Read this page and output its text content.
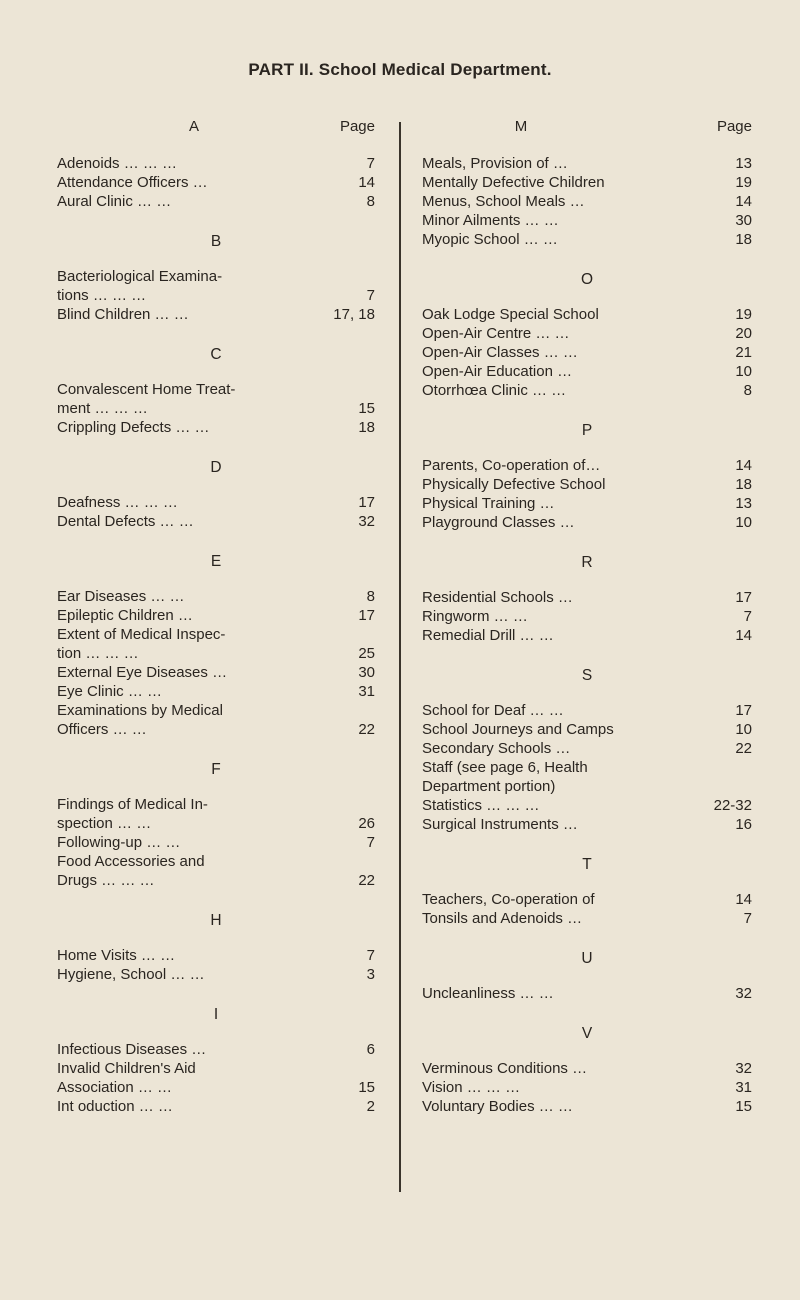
PART II. School Medical Department.
A	Page
Adenoids … … …	7
Attendance Officers …	14
Aural Clinic … …	8
B
Bacteriological Examina-
tions … … …	7
Blind Children … …	17, 18
C
Convalescent Home Treat-
ment … … …	15
Crippling Defects … …	18
D
Deafness … … …	17
Dental Defects … …	32
E
Ear Diseases … …	8
Epileptic Children …	17
Extent of Medical Inspec-
tion … … …	25
External Eye Diseases …	30
Eye Clinic … …	31
Examinations by Medical
Officers … …	22
F
Findings of Medical In-
spection … …	26
Following-up … …	7
Food Accessories and
Drugs … … …	22
H
Home Visits … …	7
Hygiene, School … …	3
I
Infectious Diseases …	6
Invalid Children's Aid
Association … …	15
Int oduction … …	2
M	Page
Meals, Provision of …	13
Mentally Defective Children	19
Menus, School Meals …	14
Minor Ailments … …	30
Myopic School … …	18
O
Oak Lodge Special School	19
Open-Air Centre … …	20
Open-Air Classes … …	21
Open-Air Education …	10
Otorrhœa Clinic … …	8
P
Parents, Co-operation of…	14
Physically Defective School	18
Physical Training …	13
Playground Classes …	10
R
Residential Schools …	17
Ringworm … …	7
Remedial Drill … …	14
S
School for Deaf … …	17
School Journeys and Camps	10
Secondary Schools …	22
Staff (see page 6, Health
Department portion)
Statistics … … …	22-32
Surgical Instruments …	16
T
Teachers, Co-operation of	14
Tonsils and Adenoids …	7
U
Uncleanliness … …	32
V
Verminous Conditions …	32
Vision … … …	31
Voluntary Bodies … …	15
